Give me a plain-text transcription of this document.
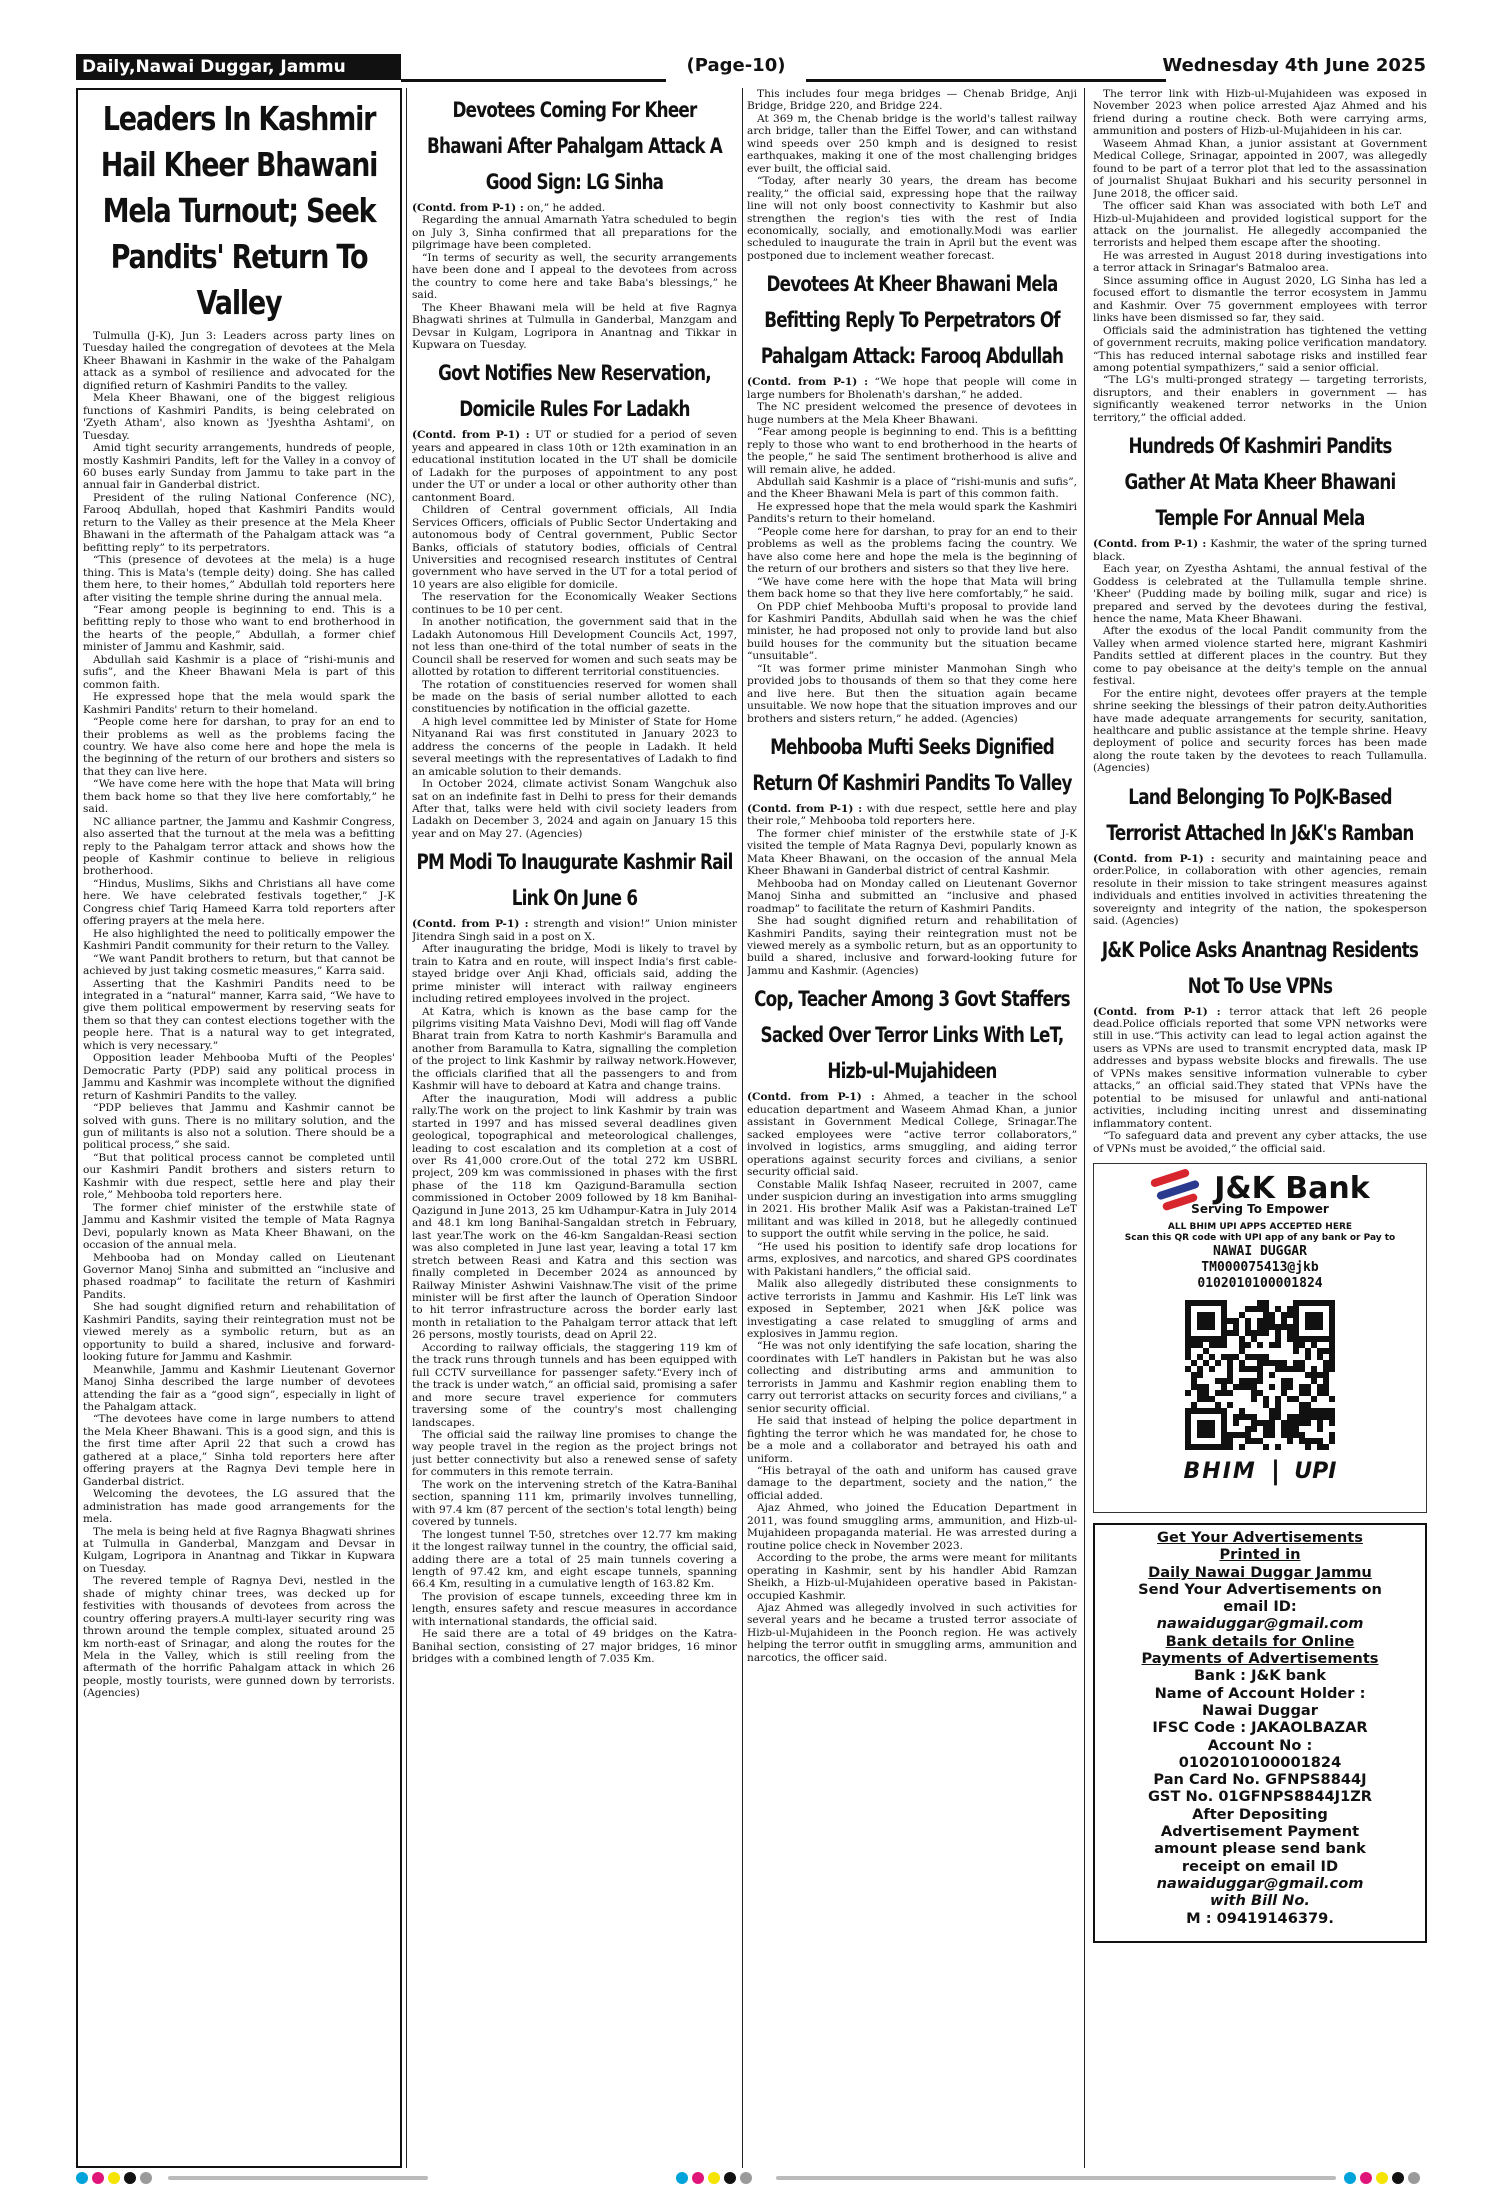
Daily,Nawai Duggar, Jammu	(Page-10)	Wednesday 4th June 2025
Leaders In Kashmir Hail Kheer Bhawani Mela Turnout; Seek Pandits' Return To Valley

Tulmulla (J-K), Jun 3: Leaders across party lines on Tuesday hailed the congregation of devotees at the Mela Kheer Bhawani in Kashmir in the wake of the Pahalgam attack as a symbol of resilience and advocated for the dignified return of Kashmiri Pandits to the valley.

Mela Kheer Bhawani, one of the biggest religious functions of Kashmiri Pandits, is being celebrated on 'Zyeth Atham', also known as 'Jyeshtha Ashtami', on Tuesday.

Amid tight security arrangements, hundreds of people, mostly Kashmiri Pandits, left for the Valley in a convoy of 60 buses early Sunday from Jammu to take part in the annual fair in Ganderbal district.

President of the ruling National Conference (NC), Farooq Abdullah, hoped that Kashmiri Pandits would return to the Valley as their presence at the Mela Kheer Bhawani in the aftermath of the Pahalgam attack was “a befitting reply” to its perpetrators.

“This (presence of devotees at the mela) is a huge thing. This is Mata's (temple deity) doing. She has called them here, to their homes,” Abdullah told reporters here after visiting the temple shrine during the annual mela.

“Fear among people is beginning to end. This is a befitting reply to those who want to end brotherhood in the hearts of the people,” Abdullah, a former chief minister of Jammu and Kashmir, said.

Abdullah said Kashmir is a place of “rishi-munis and sufis”, and the Kheer Bhawani Mela is part of this common faith.

He expressed hope that the mela would spark the Kashmiri Pandits' return to their homeland.

“People come here for darshan, to pray for an end to their problems as well as the problems facing the country. We have also come here and hope the mela is the beginning of the return of our brothers and sisters so that they can live here.

“We have come here with the hope that Mata will bring them back home so that they live here comfortably,” he said.

NC alliance partner, the Jammu and Kashmir Congress, also asserted that the turnout at the mela was a befitting reply to the Pahalgam terror attack and shows how the people of Kashmir continue to believe in religious brotherhood.

“Hindus, Muslims, Sikhs and Christians all have come here. We have celebrated festivals together,” J-K Congress chief Tariq Hameed Karra told reporters after offering prayers at the mela here.

He also highlighted the need to politically empower the Kashmiri Pandit community for their return to the Valley.

“We want Pandit brothers to return, but that cannot be achieved by just taking cosmetic measures,” Karra said.

Asserting that the Kashmiri Pandits need to be integrated in a “natural” manner, Karra said, “We have to give them political empowerment by reserving seats for them so that they can contest elections together with the people here. That is a natural way to get integrated, which is very necessary.”

Opposition leader Mehbooba Mufti of the Peoples' Democratic Party (PDP) said any political process in Jammu and Kashmir was incomplete without the dignified return of Kashmiri Pandits to the valley.

“PDP believes that Jammu and Kashmir cannot be solved with guns. There is no military solution, and the gun of militants is also not a solution. There should be a political process,” she said.

“But that political process cannot be completed until our Kashmiri Pandit brothers and sisters return to Kashmir with due respect, settle here and play their role,” Mehbooba told reporters here.

The former chief minister of the erstwhile state of Jammu and Kashmir visited the temple of Mata Ragnya Devi, popularly known as Mata Kheer Bhawani, on the occasion of the annual mela.

Mehbooba had on Monday called on Lieutenant Governor Manoj Sinha and submitted an “inclusive and phased roadmap” to facilitate the return of Kashmiri Pandits.

She had sought dignified return and rehabilitation of Kashmiri Pandits, saying their reintegration must not be viewed merely as a symbolic return, but as an opportunity to build a shared, inclusive and forward-looking future for Jammu and Kashmir.

Meanwhile, Jammu and Kashmir Lieutenant Governor Manoj Sinha described the large number of devotees attending the fair as a “good sign”, especially in light of the Pahalgam attack.

“The devotees have come in large numbers to attend the Mela Kheer Bhawani. This is a good sign, and this is the first time after April 22 that such a crowd has gathered at a place,” Sinha told reporters here after offering prayers at the Ragnya Devi temple here in Ganderbal district.

Welcoming the devotees, the LG assured that the administration has made good arrangements for the mela.

The mela is being held at five Ragnya Bhagwati shrines at Tulmulla in Ganderbal, Manzgam and Devsar in Kulgam, Logripora in Anantnag and Tikkar in Kupwara on Tuesday.

The revered temple of Ragnya Devi, nestled in the shade of mighty chinar trees, was decked up for festivities with thousands of devotees from across the country offering prayers.A multi-layer security ring was thrown around the temple complex, situated around 25 km north-east of Srinagar, and along the routes for the Mela in the Valley, which is still reeling from the aftermath of the horrific Pahalgam attack in which 26 people, mostly tourists, were gunned down by terrorists. (Agencies)

Devotees Coming For Kheer Bhawani After Pahalgam Attack A Good Sign: LG Sinha

(Contd. from P-1) : on,” he added.

Regarding the annual Amarnath Yatra scheduled to begin on July 3, Sinha confirmed that all preparations for the pilgrimage have been completed.

“In terms of security as well, the security arrangements have been done and I appeal to the devotees from across the country to come here and take Baba's blessings,” he said.

The Kheer Bhawani mela will be held at five Ragnya Bhagwati shrines at Tulmulla in Ganderbal, Manzgam and Devsar in Kulgam, Logripora in Anantnag and Tikkar in Kupwara on Tuesday.

Govt Notifies New Reservation, Domicile Rules For Ladakh

(Contd. from P-1) : UT or studied for a period of seven years and appeared in class 10th or 12th examination in an educational institution located in the UT shall be domicile of Ladakh for the purposes of appointment to any post under the UT or under a local or other authority other than cantonment Board.

Children of Central government officials, All India Services Officers, officials of Public Sector Undertaking and autonomous body of Central government, Public Sector Banks, officials of statutory bodies, officials of Central Universities and recognised research institutes of Central government who have served in the UT for a total period of 10 years are also eligible for domicile.

The reservation for the Economically Weaker Sections continues to be 10 per cent.

In another notification, the government said that in the Ladakh Autonomous Hill Development Councils Act, 1997, not less than one-third of the total number of seats in the Council shall be reserved for women and such seats may be allotted by rotation to different territorial constituencies.

The rotation of constituencies reserved for women shall be made on the basis of serial number allotted to each constituencies by notification in the official gazette.

A high level committee led by Minister of State for Home Nityanand Rai was first constituted in January 2023 to address the concerns of the people in Ladakh. It held several meetings with the representatives of Ladakh to find an amicable solution to their demands.

In October 2024, climate activist Sonam Wangchuk also sat on an indefinite fast in Delhi to press for their demands After that, talks were held with civil society leaders from Ladakh on December 3, 2024 and again on January 15 this year and on May 27. (Agencies)

PM Modi To Inaugurate Kashmir Rail Link On June 6

(Contd. from P-1) : strength and vision!” Union minister Jitendra Singh said in a post on X.

After inaugurating the bridge, Modi is likely to travel by train to Katra and en route, will inspect India's first cable-stayed bridge over Anji Khad, officials said, adding the prime minister will interact with railway engineers including retired employees involved in the project.

At Katra, which is known as the base camp for the pilgrims visiting Mata Vaishno Devi, Modi will flag off Vande Bharat train from Katra to north Kashmir's Baramulla and another from Baramulla to Katra, signalling the completion of the project to link Kashmir by railway network.However, the officials clarified that all the passengers to and from Kashmir will have to deboard at Katra and change trains.

After the inauguration, Modi will address a public rally.The work on the project to link Kashmir by train was started in 1997 and has missed several deadlines given geological, topographical and meteorological challenges, leading to cost escalation and its completion at a cost of over Rs 41,000 crore.Out of the total 272 km USBRL project, 209 km was commissioned in phases with the first phase of the 118 km Qazigund-Baramulla section commissioned in October 2009 followed by 18 km Banihal-Qazigund in June 2013, 25 km Udhampur-Katra in July 2014 and 48.1 km long Banihal-Sangaldan stretch in February, last year.The work on the 46-km Sangaldan-Reasi section was also completed in June last year, leaving a total 17 km stretch between Reasi and Katra and this section was finally completed in December 2024 as announced by Railway Minister Ashwini Vaishnaw.The visit of the prime minister will be first after the launch of Operation Sindoor to hit terror infrastructure across the border early last month in retaliation to the Pahalgam terror attack that left 26 persons, mostly tourists, dead on April 22.

According to railway officials, the staggering 119 km of the track runs through tunnels and has been equipped with full CCTV surveillance for passenger safety.“Every inch of the track is under watch,” an official said, promising a safer and more secure travel experience for commuters traversing some of the country's most challenging landscapes.

The official said the railway line promises to change the way people travel in the region as the project brings not just better connectivity but also a renewed sense of safety for commuters in this remote terrain.

The work on the intervening stretch of the Katra-Banihal section, spanning 111 km, primarily involves tunnelling, with 97.4 km (87 percent of the section's total length) being covered by tunnels.

The longest tunnel T-50, stretches over 12.77 km making it the longest railway tunnel in the country, the official said, adding there are a total of 25 main tunnels covering a length of 97.42 km, and eight escape tunnels, spanning 66.4 Km, resulting in a cumulative length of 163.82 Km.

The provision of escape tunnels, exceeding three km in length, ensures safety and rescue measures in accordance with international standards, the official said.

He said there are a total of 49 bridges on the Katra-Banihal section, consisting of 27 major bridges, 16 minor bridges with a combined length of 7.035 Km.

This includes four mega bridges — Chenab Bridge, Anji Bridge, Bridge 220, and Bridge 224.

At 369 m, the Chenab bridge is the world's tallest railway arch bridge, taller than the Eiffel Tower, and can withstand wind speeds over 250 kmph and is designed to resist earthquakes, making it one of the most challenging bridges ever built, the official said.

“Today, after nearly 30 years, the dream has become reality,” the official said, expressing hope that the railway line will not only boost connectivity to Kashmir but also strengthen the region's ties with the rest of India economically, socially, and emotionally.Modi was earlier scheduled to inaugurate the train in April but the event was postponed due to inclement weather forecast.

Devotees At Kheer Bhawani Mela Befitting Reply To Perpetrators Of Pahalgam Attack: Farooq Abdullah

(Contd. from P-1) : “We hope that people will come in large numbers for Bholenath's darshan,” he added.

The NC president welcomed the presence of devotees in huge numbers at the Mela Kheer Bhawani.

“Fear among people is beginning to end. This is a befitting reply to those who want to end brotherhood in the hearts of the people,” he said The sentiment brotherhood is alive and will remain alive, he added.

Abdullah said Kashmir is a place of “rishi-munis and sufis”, and the Kheer Bhawani Mela is part of this common faith.

He expressed hope that the mela would spark the Kashmiri Pandits's return to their homeland.

“People come here for darshan, to pray for an end to their problems as well as the problems facing the country. We have also come here and hope the mela is the beginning of the return of our brothers and sisters so that they live here.

“We have come here with the hope that Mata will bring them back home so that they live here comfortably,” he said.

On PDP chief Mehbooba Mufti's proposal to provide land for Kashmiri Pandits, Abdullah said when he was the chief minister, he had proposed not only to provide land but also build houses for the community but the situation became “unsuitable”.

“It was former prime minister Manmohan Singh who provided jobs to thousands of them so that they come here and live here. But then the situation again became unsuitable. We now hope that the situation improves and our brothers and sisters return,” he added. (Agencies)

Mehbooba Mufti Seeks Dignified Return Of Kashmiri Pandits To Valley

(Contd. from P-1) : with due respect, settle here and play their role,” Mehbooba told reporters here.

The former chief minister of the erstwhile state of J-K visited the temple of Mata Ragnya Devi, popularly known as Mata Kheer Bhawani, on the occasion of the annual Mela Kheer Bhawani in Ganderbal district of central Kashmir.

Mehbooba had on Monday called on Lieutenant Governor Manoj Sinha and submitted an “inclusive and phased roadmap” to facilitate the return of Kashmiri Pandits.

She had sought dignified return and rehabilitation of Kashmiri Pandits, saying their reintegration must not be viewed merely as a symbolic return, but as an opportunity to build a shared, inclusive and forward-looking future for Jammu and Kashmir. (Agencies)

Cop, Teacher Among 3 Govt Staffers Sacked Over Terror Links With LeT, Hizb-ul-Mujahideen

(Contd. from P-1) : Ahmed, a teacher in the school education department and Waseem Ahmad Khan, a junior assistant in Government Medical College, Srinagar.The sacked employees were “active terror collaborators,” involved in logistics, arms smuggling, and aiding terror operations against security forces and civilians, a senior security official said.

Constable Malik Ishfaq Naseer, recruited in 2007, came under suspicion during an investigation into arms smuggling in 2021. His brother Malik Asif was a Pakistan-trained LeT militant and was killed in 2018, but he allegedly continued to support the outfit while serving in the police, he said.

“He used his position to identify safe drop locations for arms, explosives, and narcotics, and shared GPS coordinates with Pakistani handlers,” the official said.

Malik also allegedly distributed these consignments to active terrorists in Jammu and Kashmir. His LeT link was exposed in September, 2021 when J&K police was investigating a case related to smuggling of arms and explosives in Jammu region.

“He was not only identifying the safe location, sharing the coordinates with LeT handlers in Pakistan but he was also collecting and distributing arms and ammunition to terrorists in Jammu and Kashmir region enabling them to carry out terrorist attacks on security forces and civilians,” a senior security official.

He said that instead of helping the police department in fighting the terror which he was mandated for, he chose to be a mole and a collaborator and betrayed his oath and uniform.

“His betrayal of the oath and uniform has caused grave damage to the department, society and the nation,” the official added.

Ajaz Ahmed, who joined the Education Department in 2011, was found smuggling arms, ammunition, and Hizb-ul-Mujahideen propaganda material. He was arrested during a routine police check in November 2023.

According to the probe, the arms were meant for militants operating in Kashmir, sent by his handler Abid Ramzan Sheikh, a Hizb-ul-Mujahideen operative based in Pakistan-occupied Kashmir.

Ajaz Ahmed was allegedly involved in such activities for several years and he became a trusted terror associate of Hizb-ul-Mujahideen in the Poonch region. He was actively helping the terror outfit in smuggling arms, ammunition and narcotics, the officer said.

The terror link with Hizb-ul-Mujahideen was exposed in November 2023 when police arrested Ajaz Ahmed and his friend during a routine check. Both were carrying arms, ammunition and posters of Hizb-ul-Mujahideen in his car.

Waseem Ahmad Khan, a junior assistant at Government Medical College, Srinagar, appointed in 2007, was allegedly found to be part of a terror plot that led to the assassination of journalist Shujaat Bukhari and his security personnel in June 2018, the officer said.

The officer said Khan was associated with both LeT and Hizb-ul-Mujahideen and provided logistical support for the attack on the journalist. He allegedly accompanied the terrorists and helped them escape after the shooting.

He was arrested in August 2018 during investigations into a terror attack in Srinagar's Batmaloo area.

Since assuming office in August 2020, LG Sinha has led a focused effort to dismantle the terror ecosystem in Jammu and Kashmir. Over 75 government employees with terror links have been dismissed so far, they said.

Officials said the administration has tightened the vetting of government recruits, making police verification mandatory. “This has reduced internal sabotage risks and instilled fear among potential sympathizers,” said a senior official.

“The LG's multi-pronged strategy — targeting terrorists, disruptors, and their enablers in government — has significantly weakened terror networks in the Union territory,” the official added.

Hundreds Of Kashmiri Pandits Gather At Mata Kheer Bhawani Temple For Annual Mela

(Contd. from P-1) : Kashmir, the water of the spring turned black.

Each year, on Zyestha Ashtami, the annual festival of the Goddess is celebrated at the Tullamulla temple shrine. 'Kheer' (Pudding made by boiling milk, sugar and rice) is prepared and served by the devotees during the festival, hence the name, Mata Kheer Bhawani.

After the exodus of the local Pandit community from the Valley when armed violence started here, migrant Kashmiri Pandits settled at different places in the country. But they come to pay obeisance at the deity's temple on the annual festival.

For the entire night, devotees offer prayers at the temple shrine seeking the blessings of their patron deity.Authorities have made adequate arrangements for security, sanitation, healthcare and public assistance at the temple shrine. Heavy deployment of police and security forces has been made along the route taken by the devotees to reach Tullamulla. (Agencies)

Land Belonging To PoJK-Based Terrorist Attached In J&K's Ramban

(Contd. from P-1) : security and maintaining peace and order.Police, in collaboration with other agencies, remain resolute in their mission to take stringent measures against individuals and entities involved in activities threatening the sovereignty and integrity of the nation, the spokesperson said. (Agencies)

J&K Police Asks Anantnag Residents Not To Use VPNs

(Contd. from P-1) : terror attack that left 26 people dead.Police officials reported that some VPN networks were still in use.“This activity can lead to legal action against the users as VPNs are used to transmit encrypted data, mask IP addresses and bypass website blocks and firewalls. The use of VPNs makes sensitive information vulnerable to cyber attacks,” an official said.They stated that VPNs have the potential to be misused for unlawful and anti-national activities, including inciting unrest and disseminating inflammatory content.

“To safeguard data and prevent any cyber attacks, the use of VPNs must be avoided,” the official said.

J&K Bank
Serving To Empower
ALL BHIM UPI APPS ACCEPTED HERE
Scan this QR code with UPI app of any bank or Pay to
NAWAI DUGGAR
TM000075413@jkb
0102010100001824
BHIM | UPI
Get Your Advertisements
Printed in
Daily Nawai Duggar Jammu
Send Your Advertisements on
email ID:
nawaiduggar@gmail.com
Bank details for Online
Payments of Advertisements
Bank : J&K bank
Name of Account Holder :
Nawai Duggar
IFSC Code : JAKAOLBAZAR
Account No :
0102010100001824
Pan Card No. GFNPS8844J
GST No. 01GFNPS8844J1ZR
After Depositing
Advertisement Payment
amount please send bank
receipt on email ID
nawaiduggar@gmail.com
with Bill No.
M : 09419146379.
